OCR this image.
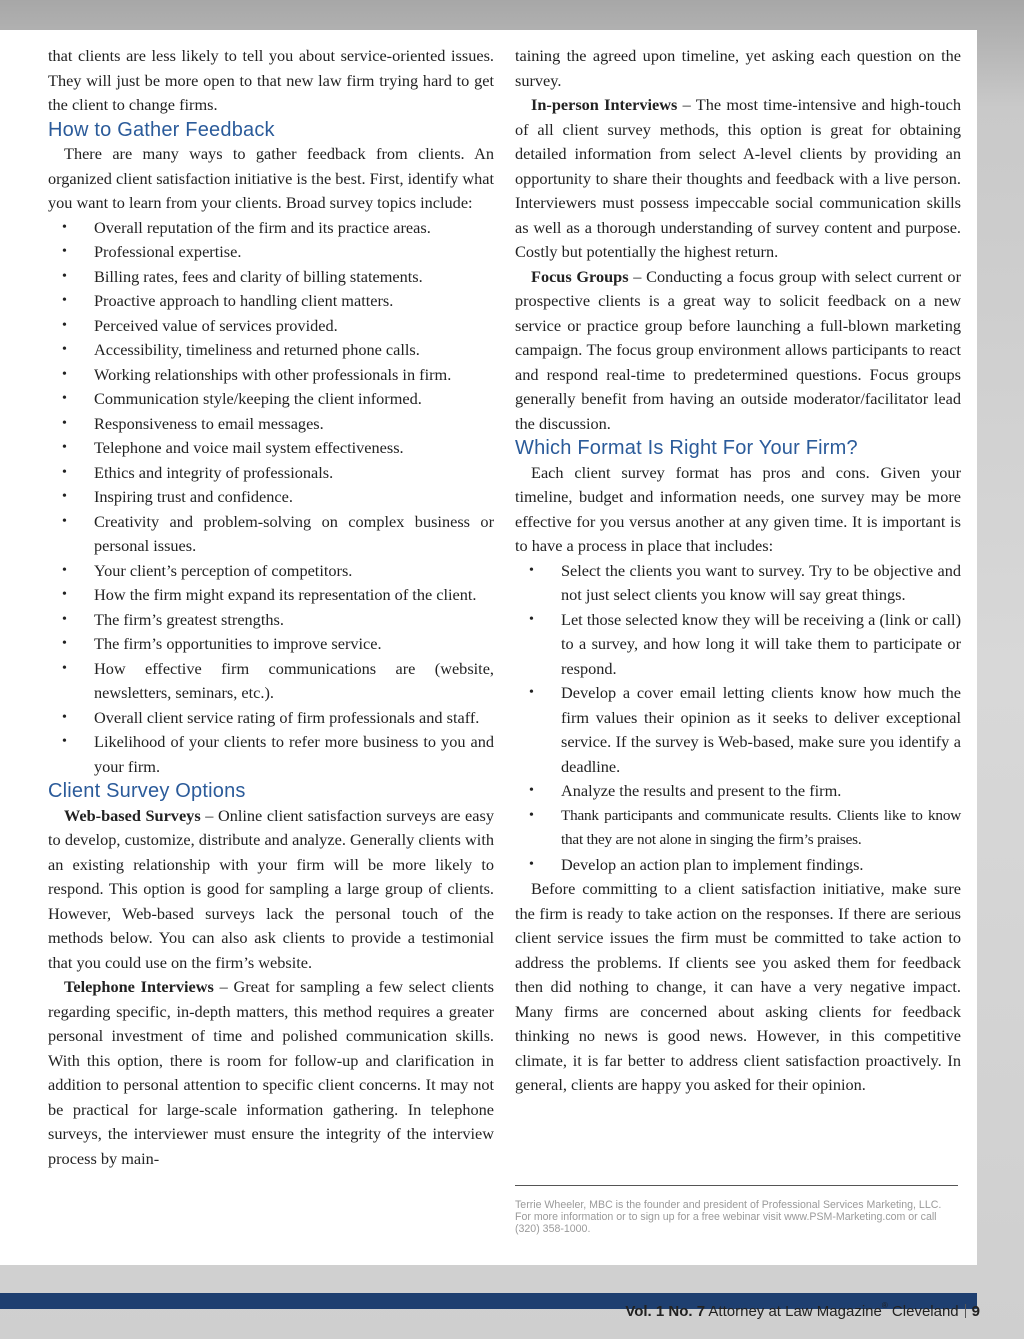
that clients are less likely to tell you about service-oriented issues. They will just be more open to that new law firm trying hard to get the client to change firms.

How to Gather Feedback

There are many ways to gather feedback from clients. An organized client satisfaction initiative is the best. First, identify what you want to learn from your clients. Broad survey topics include:

• Overall reputation of the firm and its practice areas.
• Professional expertise.
• Billing rates, fees and clarity of billing statements.
• Proactive approach to handling client matters.
• Perceived value of services provided.
• Accessibility, timeliness and returned phone calls.
• Working relationships with other professionals in firm.
• Communication style/keeping the client informed.
• Responsiveness to email messages.
• Telephone and voice mail system effectiveness.
• Ethics and integrity of professionals.
• Inspiring trust and confidence.
• Creativity and problem-solving on complex business or personal issues.
• Your client’s perception of competitors.
• How the firm might expand its representation of the client.
• The firm’s greatest strengths.
• The firm’s opportunities to improve service.
• How effective firm communications are (website, newsletters, seminars, etc.).
• Overall client service rating of firm professionals and staff.
• Likelihood of your clients to refer more business to you and your firm.
Client Survey Options

Web-based Surveys – Online client satisfaction surveys are easy to develop, customize, distribute and analyze. Generally clients with an existing relationship with your firm will be more likely to respond. This option is good for sampling a large group of clients. However, Web-based surveys lack the personal touch of the methods below. You can also ask clients to provide a testimonial that you could use on the firm’s website.

Telephone Interviews – Great for sampling a few select clients regarding specific, in-depth matters, this method requires a greater personal investment of time and polished communication skills. With this option, there is room for follow-up and clarification in addition to personal attention to specific client concerns. It may not be practical for large-scale information gathering. In telephone surveys, the interviewer must ensure the integrity of the interview process by main-

taining the agreed upon timeline, yet asking each question on the survey.

In-person Interviews – The most time-intensive and high-touch of all client survey methods, this option is great for obtaining detailed information from select A-level clients by providing an opportunity to share their thoughts and feedback with a live person. Interviewers must possess impeccable social communication skills as well as a thorough understanding of survey content and purpose. Costly but potentially the highest return.

Focus Groups – Conducting a focus group with select current or prospective clients is a great way to solicit feedback on a new service or practice group before launching a full-blown marketing campaign. The focus group environment allows participants to react and respond real-time to predetermined questions. Focus groups generally benefit from having an outside moderator/facilitator lead the discussion.

Which Format Is Right For Your Firm?

Each client survey format has pros and cons. Given your timeline, budget and information needs, one survey may be more effective for you versus another at any given time. It is important is to have a process in place that includes:

• Select the clients you want to survey. Try to be objective and not just select clients you know will say great things.
• Let those selected know they will be receiving a (link or call) to a survey, and how long it will take them to participate or respond.
• Develop a cover email letting clients know how much the firm values their opinion as it seeks to deliver exceptional service. If the survey is Web-based, make sure you identify a deadline.
• Analyze the results and present to the firm.
• Thank participants and communicate results. Clients like to know that they are not alone in singing the firm’s praises.
• Develop an action plan to implement findings.

Before committing to a client satisfaction initiative, make sure the firm is ready to take action on the responses. If there are serious client service issues the firm must be committed to take action to address the problems. If clients see you asked them for feedback then did nothing to change, it can have a very negative impact. Many firms are concerned about asking clients for feedback thinking no news is good news. However, in this competitive climate, it is far better to address client satisfaction proactively. In general, clients are happy you asked for their opinion.

Terrie Wheeler, MBC is the founder and president of Professional Services Marketing, LLC. For more information or to sign up for a free webinar visit www.PSM-Marketing.com or call (320) 358-1000.
Vol. 1 No. 7 Attorney at Law Magazine® Cleveland 9
